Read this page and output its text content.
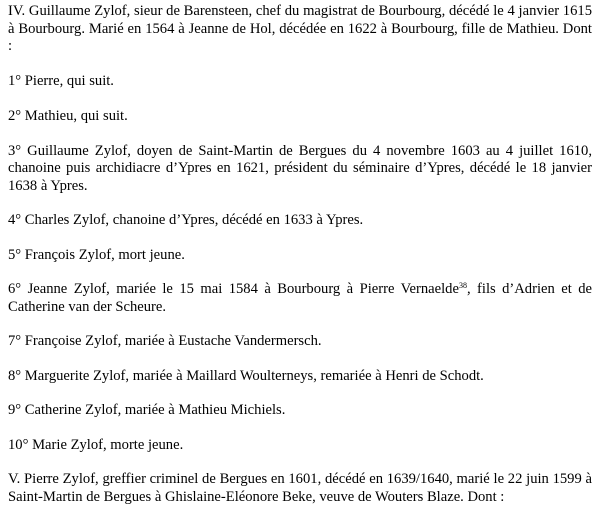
IV. Guillaume Zylof, sieur de Barensteen, chef du magistrat de Bourbourg, décédé le 4 janvier 1615 à Bourbourg. Marié en 1564 à Jeanne de Hol, décédée en 1622 à Bourbourg, fille de Mathieu. Dont :

1° Pierre, qui suit.

2° Mathieu, qui suit.

3° Guillaume Zylof, doyen de Saint-Martin de Bergues du 4 novembre 1603 au 4 juillet 1610, chanoine puis archidiacre d’Ypres en 1621, président du séminaire d’Ypres, décédé le 18 janvier 1638 à Ypres.

4° Charles Zylof, chanoine d’Ypres, décédé en 1633 à Ypres.

5° François Zylof, mort jeune.

6° Jeanne Zylof, mariée le 15 mai 1584 à Bourbourg à Pierre Vernaelde$^{38}$, fils d’Adrien et de Catherine van der Scheure.

7° Françoise Zylof, mariée à Eustache Vandermersch.

8° Marguerite Zylof, mariée à Maillard Woulterneys, remariée à Henri de Schodt.

9° Catherine Zylof, mariée à Mathieu Michiels.

10° Marie Zylof, morte jeune.

V. Pierre Zylof, greffier criminel de Bergues en 1601, décédé en 1639/1640, marié le 22 juin 1599 à Saint-Martin de Bergues à Ghislaine-Eléonore Beke, veuve de Wouters Blaze. Dont :
